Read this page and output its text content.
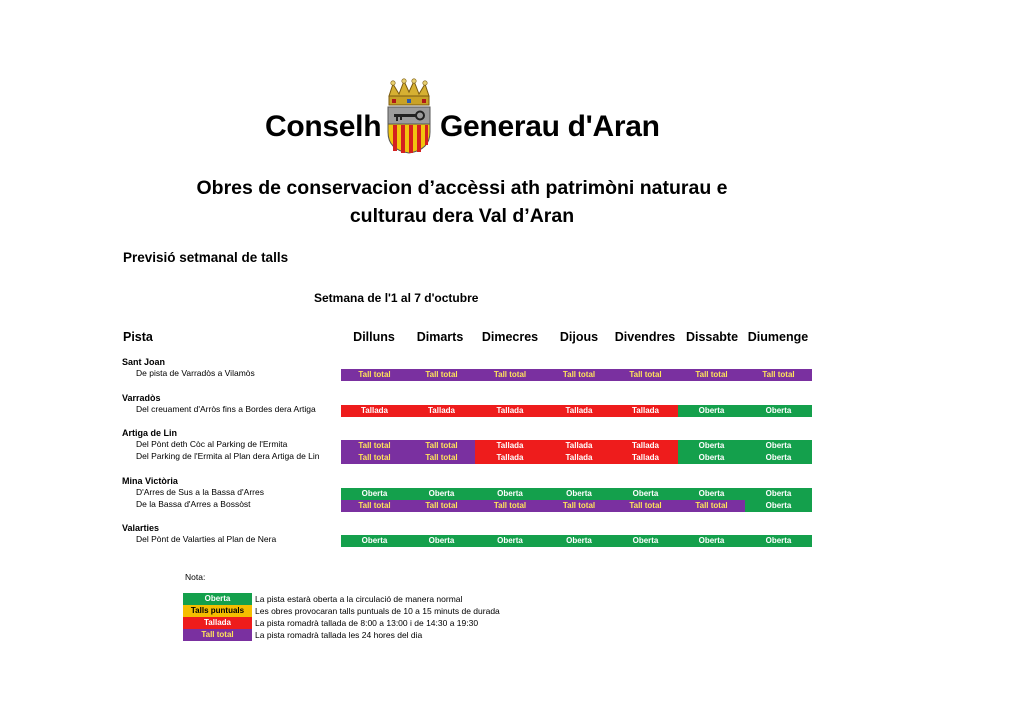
Conselh Generau d'Aran
Obres de conservacion d’accèssi ath patrimòni naturau e
culturau dera Val d’Aran
Previsió setmanal de talls
Setmana de l'1 al 7 d'octubre
Pista	Dilluns Dimarts Dimecres Dijous Divendres Dissabte Diumenge
Sant Joan
De pista de Varradòs a Vilamòs	Tall total	Tall total	Tall total	Tall total	Tall total	Tall total	Tall total
Varradòs
Del creuament d'Arròs fins a Bordes dera Artiga	Tallada	Tallada	Tallada	Tallada	Tallada	Oberta	Oberta
Artiga de Lin
Del Pònt deth Còc al Parking de l'Ermita	Tall total	Tall total	Tallada	Tallada	Tallada	Oberta	Oberta
Del Parking de l'Ermita al Plan dera Artiga de Lin	Tall total	Tall total	Tallada	Tallada	Tallada	Oberta	Oberta
Mina Victòria
D'Arres de Sus a la Bassa d'Arres	Oberta	Oberta	Oberta	Oberta	Oberta	Oberta	Oberta
De la Bassa d'Arres a Bossòst	Tall total	Tall total	Tall total	Tall total	Tall total	Tall total	Oberta
Valarties
Del Pònt de Valarties al Plan de Nera	Oberta	Oberta	Oberta	Oberta	Oberta	Oberta	Oberta
Nota:
Oberta	La pista estarà oberta a la circulació de manera normal
Talls puntuals	Les obres provocaran talls puntuals de 10 a 15 minuts de durada
Tallada	La pista romadrà tallada de 8:00 a 13:00 i de 14:30 a 19:30
Tall total	La pista romadrà tallada les 24 hores del dia
